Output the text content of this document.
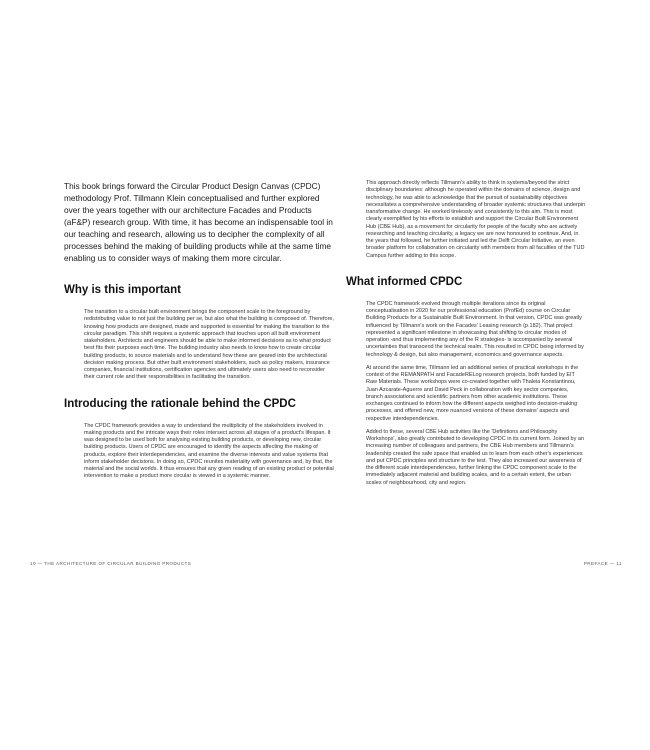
This book brings forward the Circular Product Design Canvas (CPDC) methodology Prof. Tillmann Klein conceptualised and further explored over the years together with our architecture Facades and Products (aF&P) research group. With time, it has become an indispensable tool in our teaching and research, allowing us to decipher the complexity of all processes behind the making of building products while at the same time enabling us to consider ways of making them more circular.

Why is this important

The transition to a circular built environment brings the component scale to the foreground by redistributing value to not just the building per se, but also what the building is composed of. Therefore, knowing how products are designed, made and supported is essential for making the transition to the circular paradigm. This shift requires a systemic approach that touches upon all built environment stakeholders. Architects and engineers should be able to make informed decisions as to what product best fits their purposes each time. The building industry also needs to know how to create circular building products, to source materials and to understand how these are geared into the architectural decision making process. But other built environment stakeholders, such as policy makers, insurance companies, financial institutions, certification agencies and ultimately users also need to reconsider their current role and their responsibilities in facilitating the transition.

Introducing the rationale behind the CPDC

The CPDC framework provides a way to understand the multiplicity of the stakeholders involved in making products and the intricate ways their roles intersect across all stages of a product's lifespan. It was designed to be used both for analysing existing building products, or developing new, circular building products. Users of CPDC are encouraged to identify the aspects affecting the making of products, explore their interdependencies, and examine the diverse interests and value systems that inform stakeholder decisions. In doing so, CPDC reunites materiality with governance and, by that, the material and the social worlds. It thus ensures that any given reading of an existing product or potential intervention to make a product more circular is viewed in a systemic manner.

This approach directly reflects Tillmann's ability to think in systems/beyond the strict disciplinary boundaries: although he operated within the domains of science, design and technology, he was able to acknowledge that the pursuit of sustainability objectives necessitates a comprehensive understanding of broader systemic structures that underpin transformative change. He worked tirelessly and consistently to this aim. This is most clearly exemplified by his efforts to establish and support the Circular Built Environment Hub (CBE Hub), as a movement for circularity for people of the faculty who are actively researching and teaching circularity, a legacy we are now honoured to continue. And, in the years that followed, he further initiated and led the Delft Circular Initiative, an even broader platform for collaboration on circularity with members from all faculties of the TUD Campus further adding to this scope.

What informed CPDC

The CPDC framework evolved through multiple iterations since its original conceptualisation in 2020 for our professional education (ProfEd) course on Circular Building Products for a Sustainable Built Environment. In that version, CPDC was greatly influenced by Tillmann's work on the Facades' Leasing research (p.182). That project represented a significant milestone in showcasing that shifting to circular modes of operation -and thus implementing any of the R strategies- is accompanied by several uncertainties that transcend the technical realm. This resulted in CPDC being informed by technology & design, but also management, economics and governance aspects.

At around the same time, Tillmann led an additional series of practical workshops in the context of the REMANPATH and FacadeRELog research projects, both funded by EIT Raw Materials. These workshops were co-created together with Thaleia Konstantinou, Juan Azcarate-Aguerre and David Peck in collaboration with key sector companies, branch associations and scientific partners from other academic institutions. These exchanges continued to inform how the different aspects weighed into decision-making processes, and offered new, more nuanced versions of these domains' aspects and respective interdependencies.

Added to these, several CBE Hub activities like the 'Definitions and Philosophy Workshops', also greatly contributed to developing CPDC in its current form. Joined by an increasing number of colleagues and partners, the CBE Hub members and Tillmann's leadership created the safe space that enabled us to learn from each other's experiences and put CPDC principles and structure to the test. They also increased our awareness of the different scale interdependencies, further linking the CPDC component scale to the immediately adjacent material and building scales, and to a certain extent, the urban scales of neighbourhood, city and region.

10 — THE ARCHITECTURE OF CIRCULAR BUILDING PRODUCTS	PREFACE — 11
